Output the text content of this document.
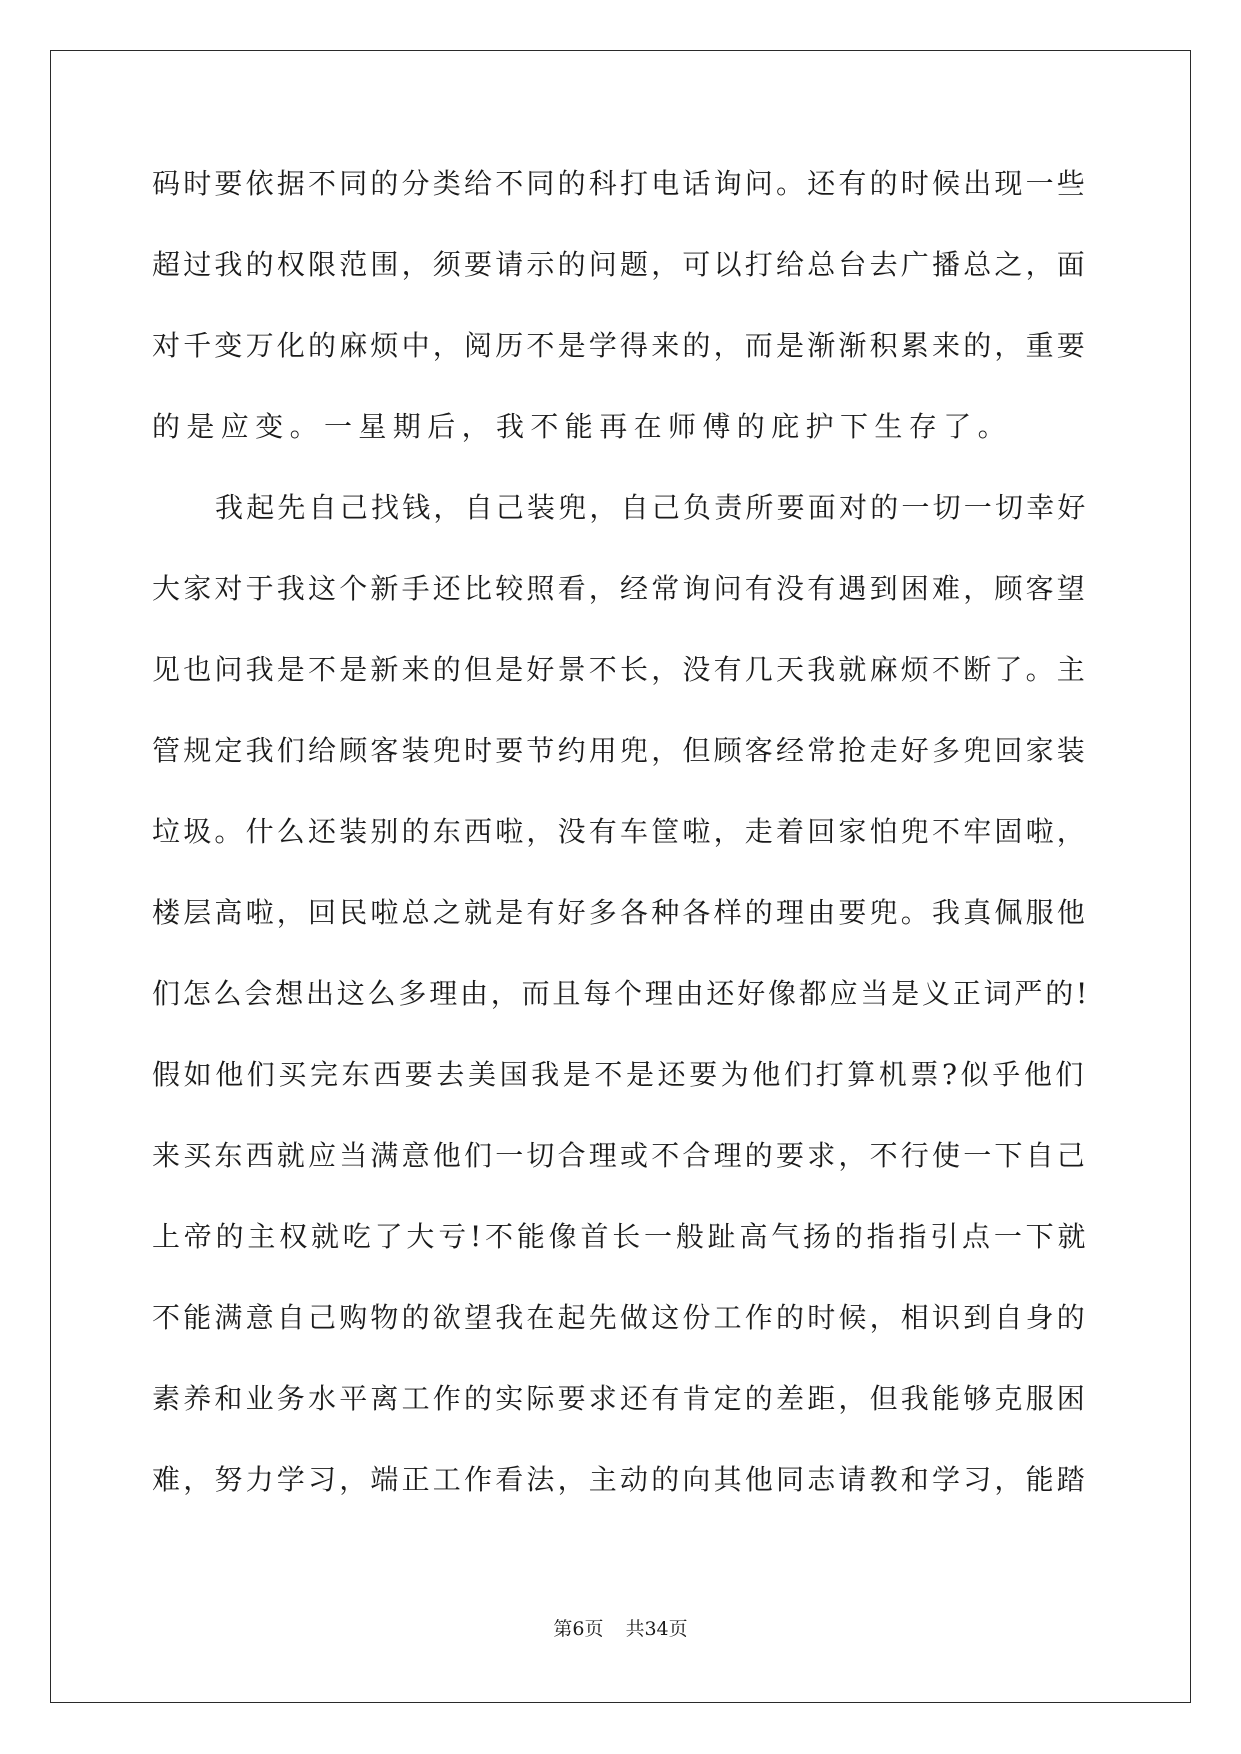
码时要依据不同的分类给不同的科打电话询问。还有的时候出现一些
超过我的权限范围，须要请示的问题，可以打给总台去广播总之，面
对千变万化的麻烦中，阅历不是学得来的，而是渐渐积累来的，重要
的是应变。一星期后，我不能再在师傅的庇护下生存了。
我起先自己找钱，自己装兜，自己负责所要面对的一切一切幸好
大家对于我这个新手还比较照看，经常询问有没有遇到困难，顾客望
见也问我是不是新来的但是好景不长，没有几天我就麻烦不断了。主
管规定我们给顾客装兜时要节约用兜，但顾客经常抢走好多兜回家装
垃圾。什么还装别的东西啦，没有车筐啦，走着回家怕兜不牢固啦，
楼层高啦，回民啦总之就是有好多各种各样的理由要兜。我真佩服他
们怎么会想出这么多理由，而且每个理由还好像都应当是义正词严的!
假如他们买完东西要去美国我是不是还要为他们打算机票?似乎他们
来买东西就应当满意他们一切合理或不合理的要求，不行使一下自己
上帝的主权就吃了大亏!不能像首长一般趾高气扬的指指引点一下就
不能满意自己购物的欲望我在起先做这份工作的时候，相识到自身的
素养和业务水平离工作的实际要求还有肯定的差距，但我能够克服困
难，努力学习，端正工作看法，主动的向其他同志请教和学习，能踏
第6页 共34页
